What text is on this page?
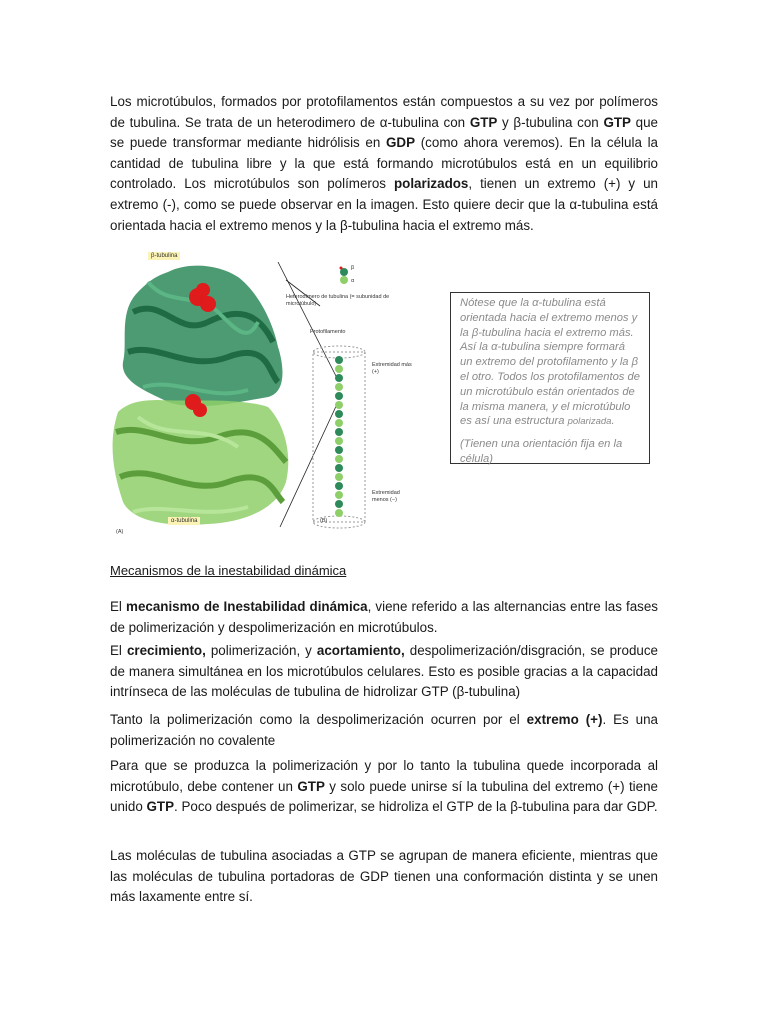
Los microtúbulos, formados por protofilamentos están compuestos a su vez por polímeros de tubulina. Se trata de un heterodimero de α-tubulina con GTP y β-tubulina con GTP que se puede transformar mediante hidrólisis en GDP (como ahora veremos). En la célula la cantidad de tubulina libre y la que está formando microtúbulos está en un equilibrio controlado. Los microtúbulos son polímeros polarizados, tienen un extremo (+) y un extremo (-), como se puede observar en la imagen. Esto quiere decir que la α-tubulina está orientada hacia el extremo menos y la β-tubulina hacia el extremo más.

β-tubulina
α-tubulina
β
α
Heterodímero de tubulina (= subunidad de microtúbulo)
Protofilamento
Extremidad más (+)
Extremidad menos (−)
(A)
(B)

Nótese que la α-tubulina está orientada hacia el extremo menos y la β-tubulina hacia el extremo más. Así la α-tubulina siempre formará un extremo del protofilamento y la β el otro. Todos los protofilamentos de un microtúbulo están orientados de la misma manera, y el microtúbulo es así una estructura polarizada.

(Tienen una orientación fija en la célula)

Mecanismos de la inestabilidad dinámica

El mecanismo de Inestabilidad dinámica, viene referido a las alternancias entre las fases de polimerización y despolimerización en microtúbulos.

El crecimiento, polimerización, y acortamiento, despolimerización/disgración, se produce de manera simultánea en los microtúbulos celulares. Esto es posible gracias a la capacidad intrínseca de las moléculas de tubulina de hidrolizar GTP (β-tubulina)

Tanto la polimerización como la despolimerización ocurren por el extremo (+). Es una polimerización no covalente

Para que se produzca la polimerización y por lo tanto la tubulina quede incorporada al microtúbulo, debe contener un GTP y solo puede unirse sí la tubulina del extremo (+) tiene unido GTP. Poco después de polimerizar, se hidroliza el GTP de la β-tubulina para dar GDP.

Las moléculas de tubulina asociadas a GTP se agrupan de manera eficiente, mientras que las moléculas de tubulina portadoras de GDP tienen una conformación distinta y se unen más laxamente entre sí.
